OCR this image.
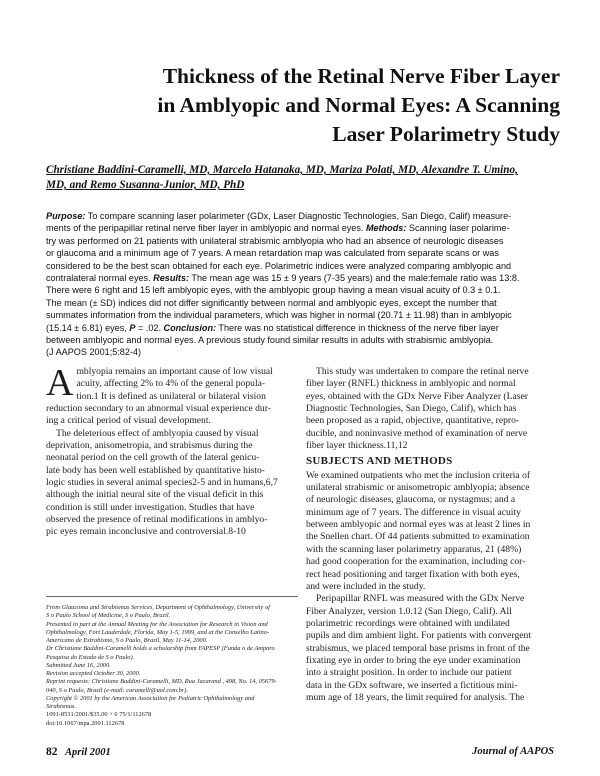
Thickness of the Retinal Nerve Fiber Layer
in Amblyopic and Normal Eyes: A Scanning
Laser Polarimetry Study
Christiane Baddini-Caramelli, MD, Marcelo Hatanaka, MD, Mariza Polati, MD, Alexandre T. Umino,
MD, and Remo Susanna-Junior, MD, PhD
Purpose: To compare scanning laser polarimeter (GDx, Laser Diagnostic Technologies, San Diego, Calif) measure-
ments of the peripapillar retinal nerve fiber layer in amblyopic and normal eyes. Methods: Scanning laser polarime-
try was performed on 21 patients with unilateral strabismic amblyopia who had an absence of neurologic diseases
or glaucoma and a minimum age of 7 years. A mean retardation map was calculated from separate scans or was
considered to be the best scan obtained for each eye. Polarimetric indices were analyzed comparing amblyopic and
contralateral normal eyes. Results: The mean age was 15 ± 9 years (7-35 years) and the male:female ratio was 13:8.
There were 6 right and 15 left amblyopic eyes, with the amblyopic group having a mean visual acuity of 0.3 ± 0.1.
The mean (± SD) indices did not differ significantly between normal and amblyopic eyes, except the number that
summates information from the individual parameters, which was higher in normal (20.71 ± 11.98) than in amblyopic
(15.14 ± 6.81) eyes, P = .02. Conclusion: There was no statistical difference in thickness of the nerve fiber layer
between amblyopic and normal eyes. A previous study found similar results in adults with strabismic amblyopia.
(J AAPOS 2001;5:82-4)
A mblyopia remains an important cause of low visual
acuity, affecting 2% to 4% of the general popula-
tion.1 It is defined as unilateral or bilateral vision
reduction secondary to an abnormal visual experience dur-
ing a critical period of visual development.
The deleterious effect of amblyopia caused by visual
deprivation, anisometropia, and strabismus during the
neonatal period on the cell growth of the lateral genicu-
late body has been well established by quantitative histo-
logic studies in several animal species2-5 and in humans,6,7
although the initial neural site of the visual deficit in this
condition is still under investigation. Studies that have
observed the presence of retinal modifications in amblyo-
pic eyes remain inconclusive and controversial.8-10
This study was undertaken to compare the retinal nerve
fiber layer (RNFL) thickness in amblyopic and normal
eyes, obtained with the GDx Nerve Fiber Analyzer (Laser
Diagnostic Technologies, San Diego, Calif), which has
been proposed as a rapid, objective, quantitative, repro-
ducible, and noninvasive method of examination of nerve
fiber layer thickness.11,12
SUBJECTS AND METHODS
We examined outpatients who met the inclusion criteria of
unilateral strabismic or anisometropic amblyopia; absence
of neurologic diseases, glaucoma, or nystagmus; and a
minimum age of 7 years. The difference in visual acuity
between amblyopic and normal eyes was at least 2 lines in
the Snellen chart. Of 44 patients submitted to examination
with the scanning laser polarimetry apparatus, 21 (48%)
had good cooperation for the examination, including cor-
rect head positioning and target fixation with both eyes,
and were included in the study.
Peripapillar RNFL was measured with the GDx Nerve
Fiber Analyzer, version 1.0.12 (San Diego, Calif). All
polarimetric recordings were obtained with undilated
pupils and dim ambient light. For patients with convergent
strabismus, we placed temporal base prisms in front of the
fixating eye in order to bring the eye under examination
into a straight position. In order to include our patient
data in the GDx software, we inserted a fictitious mini-
mum age of 18 years, the limit required for analysis. The
From Glaucoma and Strabismus Services, Department of Ophthalmology, University of
S o Paulo School of Medicine, S o Paulo, Brazil.
Presented in part at the Annual Meeting for the Association for Research in Vision and
Ophthalmology, Fort Lauderdale, Florida, May 1-5, 1999, and at the Conselho Latino-
Americano de Estrabismo, S o Paulo, Brazil, May 11-14, 2000.
Dr Christiane Baddini-Caramelli holds a scholarship from FAPESP (Funda o de Amparo
Pesquisa do Estado de S o Paulo).
Submitted June 16, 2000.
Revision accepted October 30, 2000.
Reprint requests: Christiane Baddini-Caramelli, MD, Rua Jacarand , 498, No. 14, 05679-
040, S o Paulo, Brazil (e-mail: caramelli@uol.com.br).
Copyright © 2001 by the American Association for Pediatric Ophthalmology and
Strabismus.
1091-8531/2001/$35.00 + 0 75/1/112678
doi:10.1067/mpa.2001.112678
82 April 2001	Journal of AAPOS
